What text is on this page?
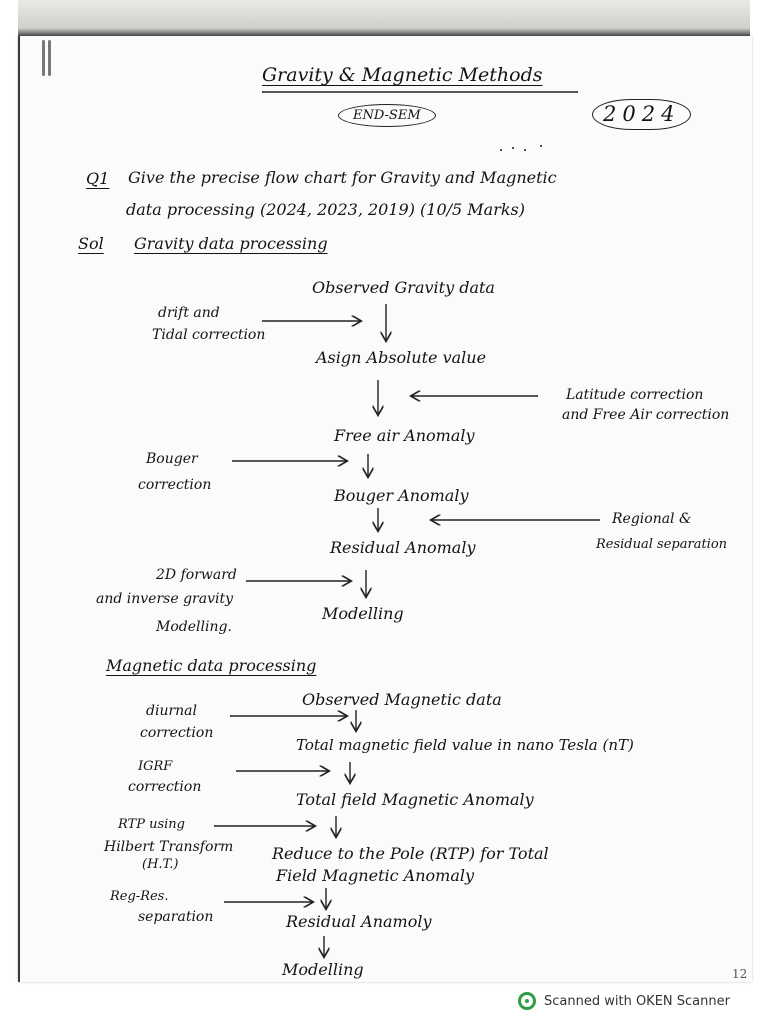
Gravity & Magnetic Methods
END-SEM	2024
Q1 Give the precise flow chart for Gravity and Magnetic
data processing (2024, 2023, 2019) (10/5 Marks)
Sol Gravity data processing
Observed Gravity data
Asign Absolute value
Free air Anomaly
Bouger Anomaly
Residual Anomaly
Modelling
drift and
Tidal correction
Latitude correction
and Free Air correction
Bouger
correction
Regional &
Residual separation
2D forward
and inverse gravity
Modelling.
Magnetic data processing
Observed Magnetic data
Total magnetic field value in nano Tesla (nT)
Total field Magnetic Anomaly
Reduce to the Pole (RTP) for Total
Field Magnetic Anomaly
Residual Anamoly
Modelling
diurnal
correction
IGRF
correction
RTP using
Hilbert Transform
(H.T.)
Reg-Res.
separation
12
Scanned with OKEN Scanner
